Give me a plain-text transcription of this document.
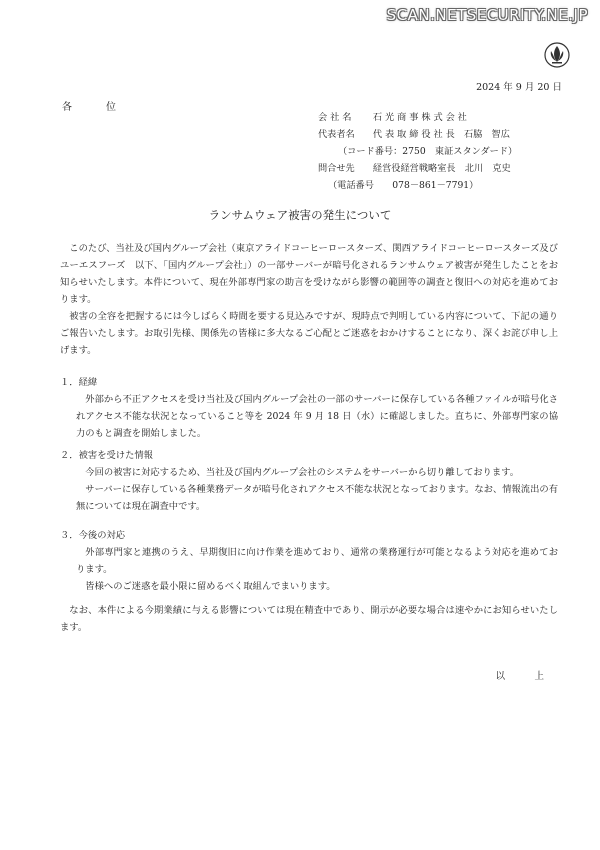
SCAN.NETSECURITY.NE.JP
2024 年 9 月 20 日
各　位
会 社 名 石 光 商 事 株 式 会 社
代表者名 代 表 取 締 役 社 長　石脇　智広
（コード番号：2750　東証スタンダード）
問合せ先 経営役経営戦略室長　北川　克史
（電話番号　　078－861－7791）
ランサムウェア被害の発生について

このたび、当社及び国内グループ会社（東京アライドコーヒーロースターズ、関西アライドコーヒーロースターズ及びユーエスフーズ　以下、「国内グループ会社」）の一部サーバーが暗号化されるランサムウェア被害が発生したことをお知らせいたします。本件について、現在外部専門家の助言を受けながら影響の範囲等の調査と復旧への対応を進めております。

被害の全容を把握するには今しばらく時間を要する見込みですが、現時点で判明している内容について、下記の通りご報告いたします。お取引先様、関係先の皆様に多大なるご心配とご迷惑をおかけすることになり、深くお詫び申し上げます。

１．経緯

外部から不正アクセスを受け当社及び国内グループ会社の一部のサーバーに保存している各種ファイルが暗号化されアクセス不能な状況となっていること等を 2024 年 9 月 18 日（水）に確認しました。直ちに、外部専門家の協力のもと調査を開始しました。

２．被害を受けた情報

今回の被害に対応するため、当社及び国内グループ会社のシステムをサーバーから切り離しております。

サーバーに保存している各種業務データが暗号化されアクセス不能な状況となっております。なお、情報流出の有無については現在調査中です。

３．今後の対応

外部専門家と連携のうえ、早期復旧に向け作業を進めており、通常の業務運行が可能となるよう対応を進めております。

皆様へのご迷惑を最小限に留めるべく取組んでまいります。

なお、本件による今期業績に与える影響については現在精査中であり、開示が必要な場合は速やかにお知らせいたします。

以　上
